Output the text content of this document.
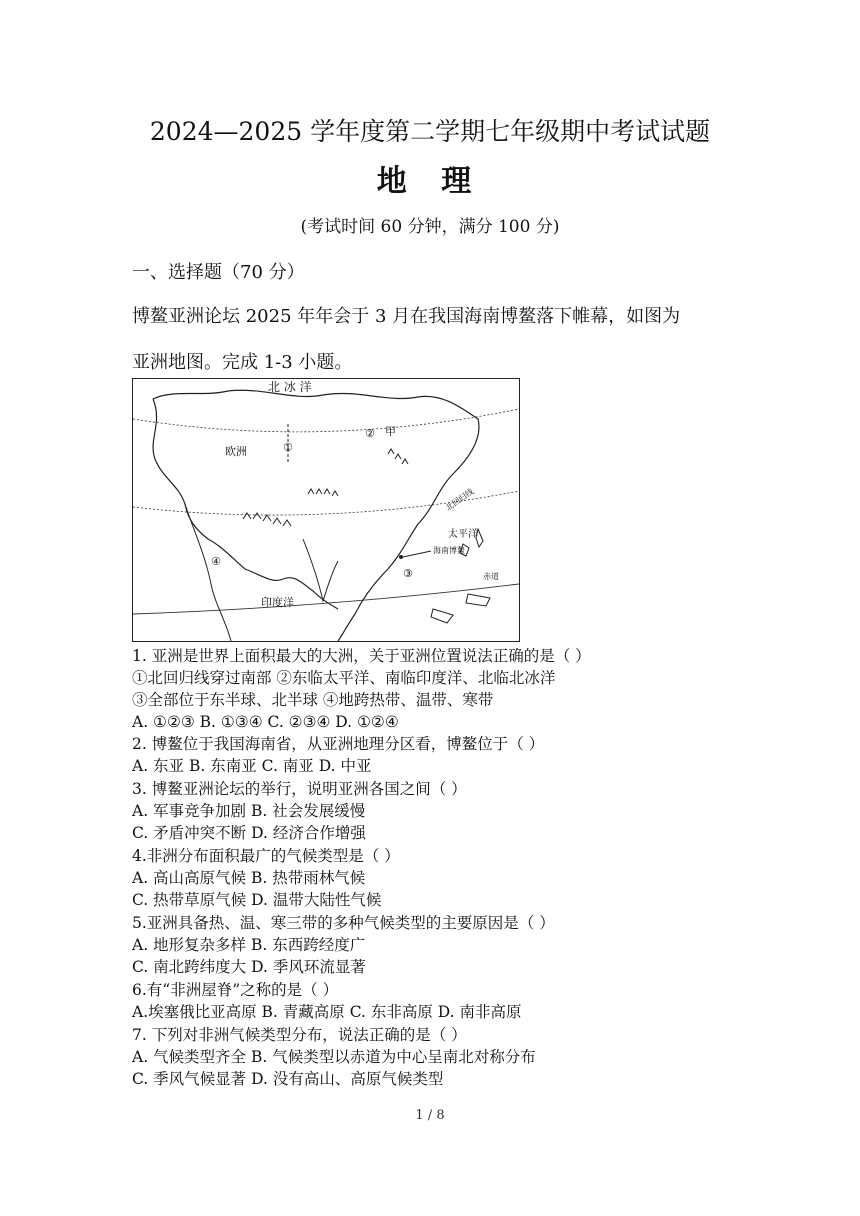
2024—2025 学年度第二学期七年级期中考试试题
地 理
(考试时间 60 分钟，满分 100 分)
一、选择题（70 分）
博鳌亚洲论坛 2025 年年会于 3 月在我国海南博鳌落下帷幕，如图为
亚洲地图。完成 1-3 小题。
北 冰 洋
欧洲	①
② 甲
北回归线
太平洋
海南博鳌
③
④
赤道
印度洋
1. 亚洲是世界上面积最大的大洲，关于亚洲位置说法正确的是（ ）
①北回归线穿过南部 ②东临太平洋、南临印度洋、北临北冰洋
③全部位于东半球、北半球 ④地跨热带、温带、寒带
A. ①②③ B. ①③④ C. ②③④ D. ①②④
2. 博鳌位于我国海南省，从亚洲地理分区看，博鳌位于（ ）
A. 东亚 B. 东南亚 C. 南亚 D. 中亚
3. 博鳌亚洲论坛的举行，说明亚洲各国之间（ ）
A. 军事竞争加剧 B. 社会发展缓慢
C. 矛盾冲突不断 D. 经济合作增强
4.非洲分布面积最广的气候类型是（ ）
A. 高山高原气候 B. 热带雨林气候
C. 热带草原气候 D. 温带大陆性气候
5.亚洲具备热、温、寒三带的多种气候类型的主要原因是（ ）
A. 地形复杂多样 B. 东西跨经度广
C. 南北跨纬度大 D. 季风环流显著
6.有“非洲屋脊”之称的是（ ）
A.埃塞俄比亚高原 B. 青藏高原 C. 东非高原 D. 南非高原
7. 下列对非洲气候类型分布，说法正确的是（ ）
A. 气候类型齐全 B. 气候类型以赤道为中心呈南北对称分布
C. 季风气候显著 D. 没有高山、高原气候类型
1 / 8
